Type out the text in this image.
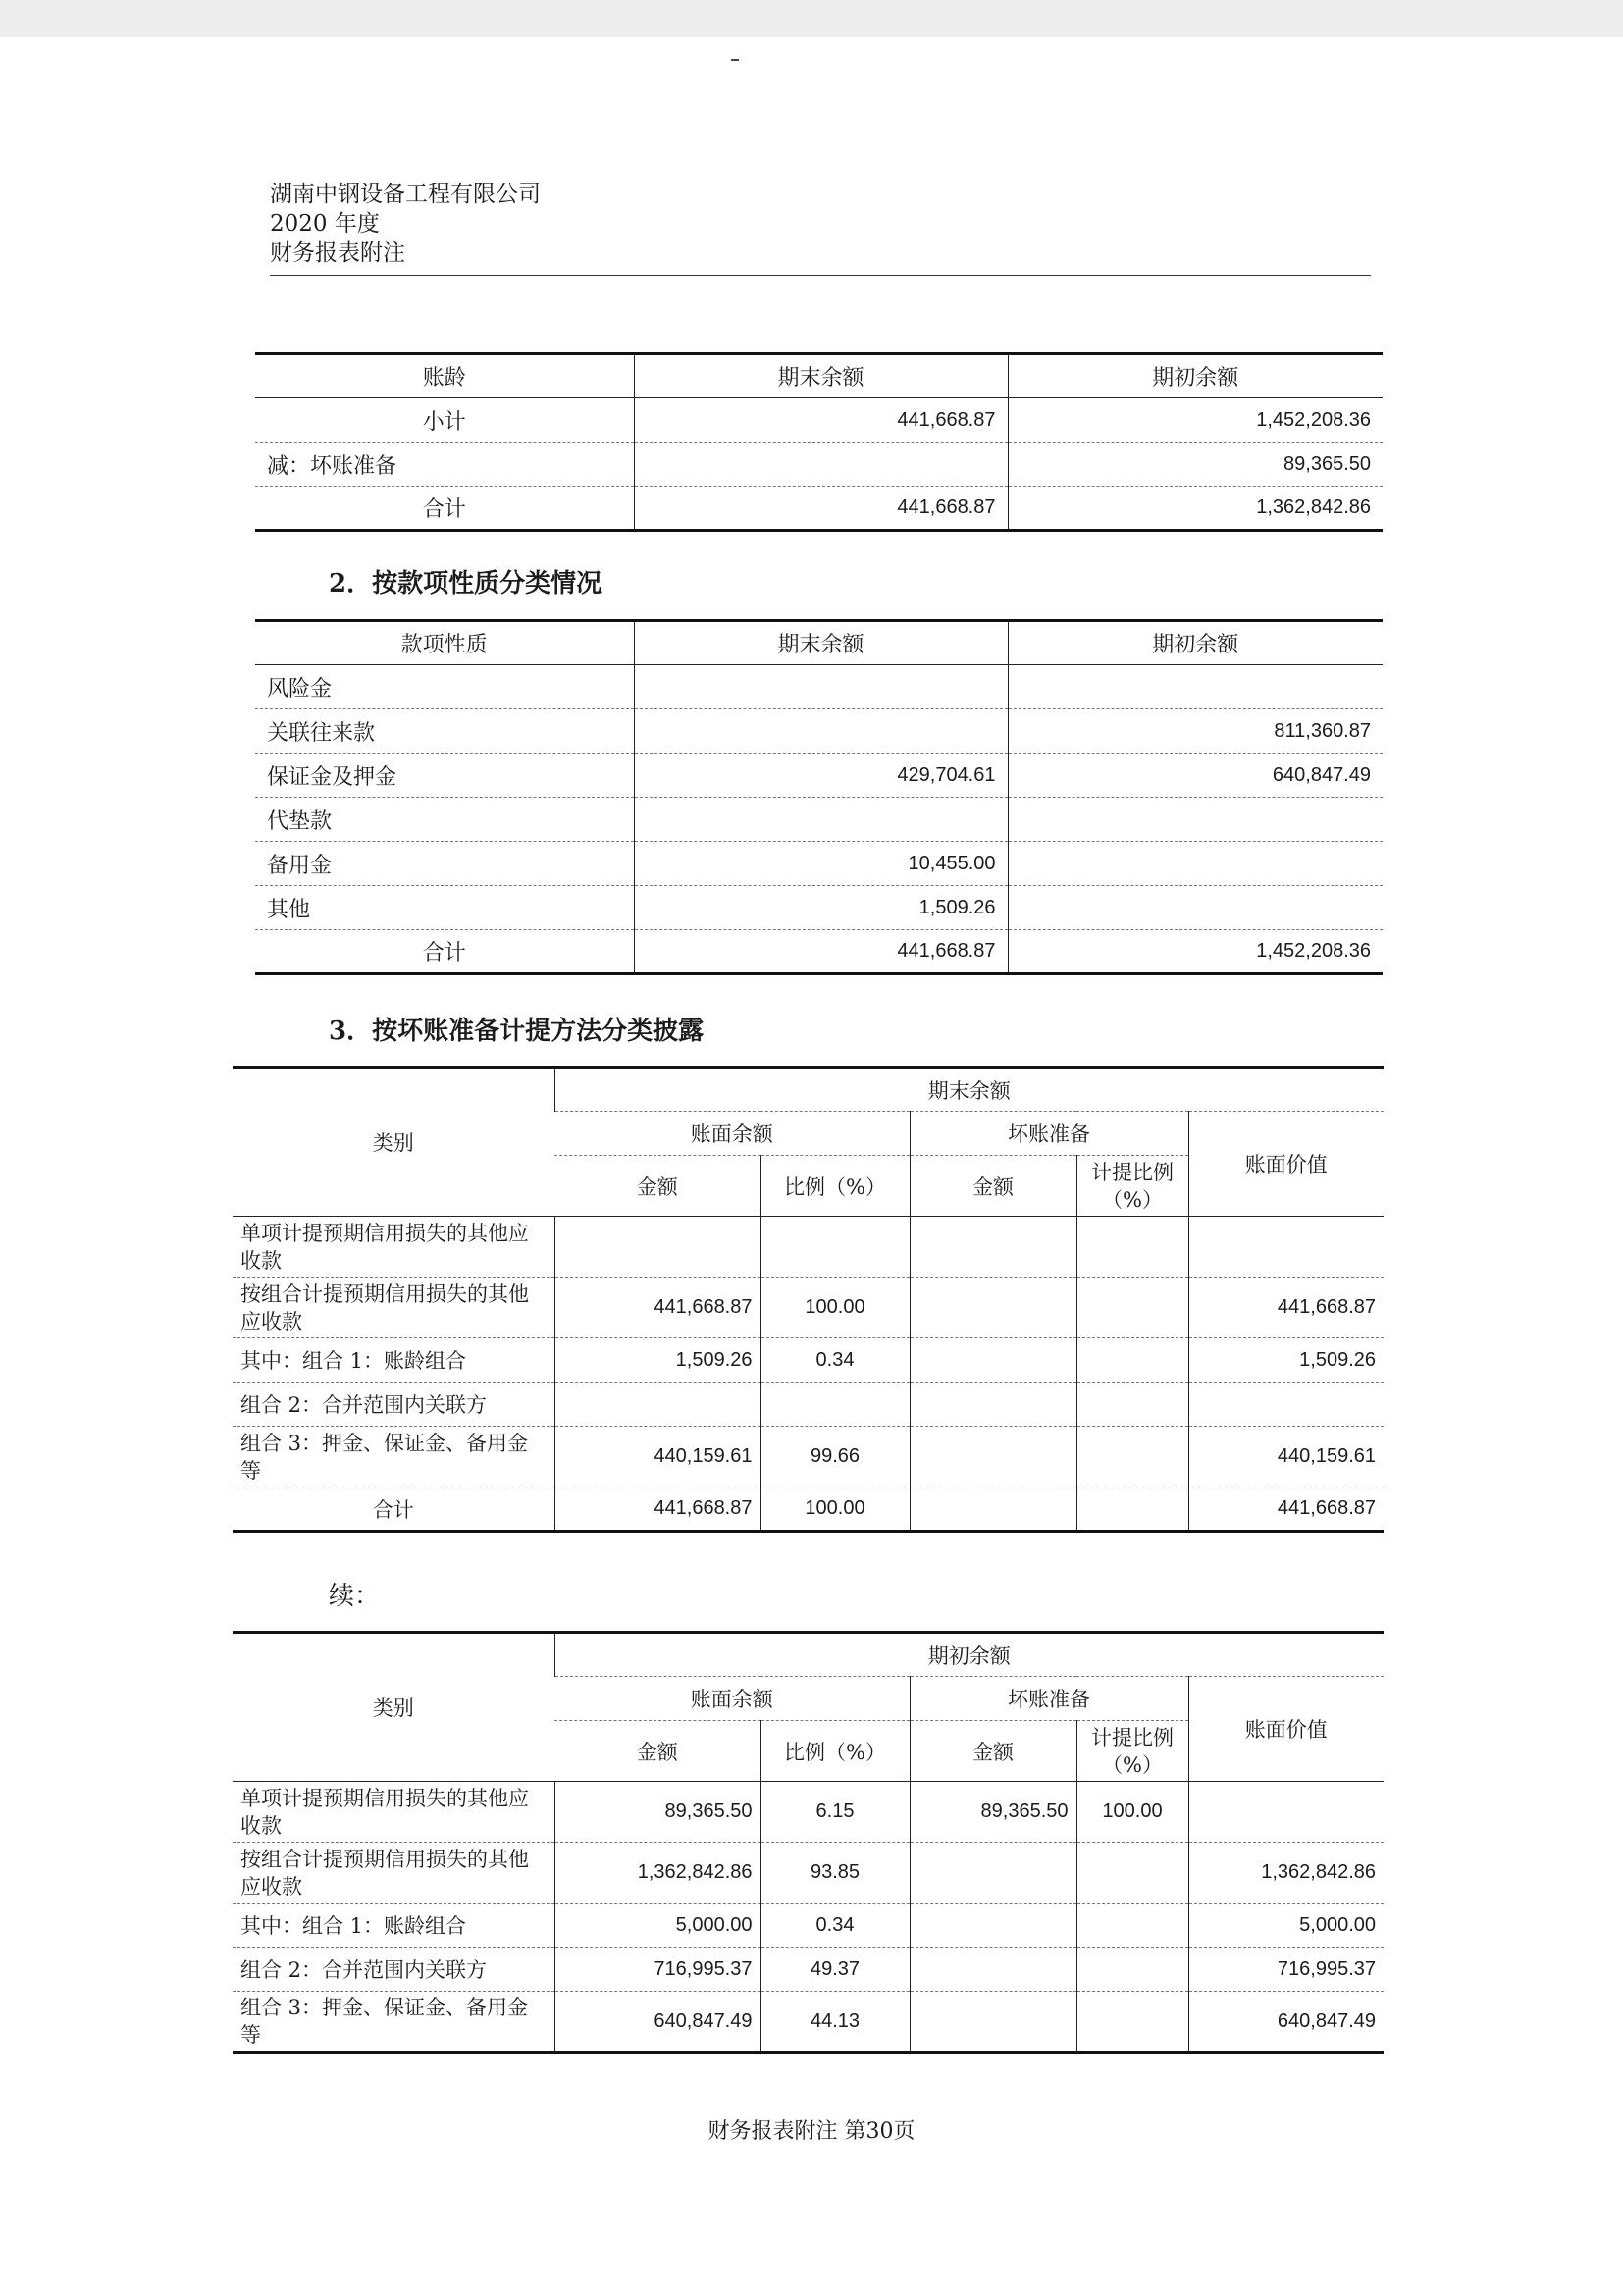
湖南中钢设备工程有限公司
2020 年度
财务报表附注
账龄	期末余额	期初余额
小计	441,668.87	1,452,208.36
减：坏账准备		89,365.50
合计	441,668.87	1,362,842.86
2．按款项性质分类情况
款项性质	期末余额	期初余额
风险金		
关联往来款		811,360.87
保证金及押金	429,704.61	640,847.49
代垫款		
备用金	10,455.00	
其他	1,509.26	
合计	441,668.87	1,452,208.36
3．按坏账准备计提方法分类披露
类别	期末余额				
	账面余额		坏账准备		账面价值
	金额	比例（%）	金额	计提比例（%）	
单项计提预期信用损失的其他应收款					
按组合计提预期信用损失的其他应收款	441,668.87	100.00			441,668.87
其中：组合 1：账龄组合	1,509.26	0.34			1,509.26
组合 2：合并范围内关联方					
组合 3：押金、保证金、备用金等	440,159.61	99.66			440,159.61
合计	441,668.87	100.00			441,668.87
续：
类别	期初余额				
	账面余额		坏账准备		账面价值
	金额	比例（%）	金额	计提比例（%）	
单项计提预期信用损失的其他应收款	89,365.50	6.15	89,365.50	100.00	
按组合计提预期信用损失的其他应收款	1,362,842.86	93.85			1,362,842.86
其中：组合 1：账龄组合	5,000.00	0.34			5,000.00
组合 2：合并范围内关联方	716,995.37	49.37			716,995.37
组合 3：押金、保证金、备用金等	640,847.49	44.13			640,847.49
财务报表附注 第30页
